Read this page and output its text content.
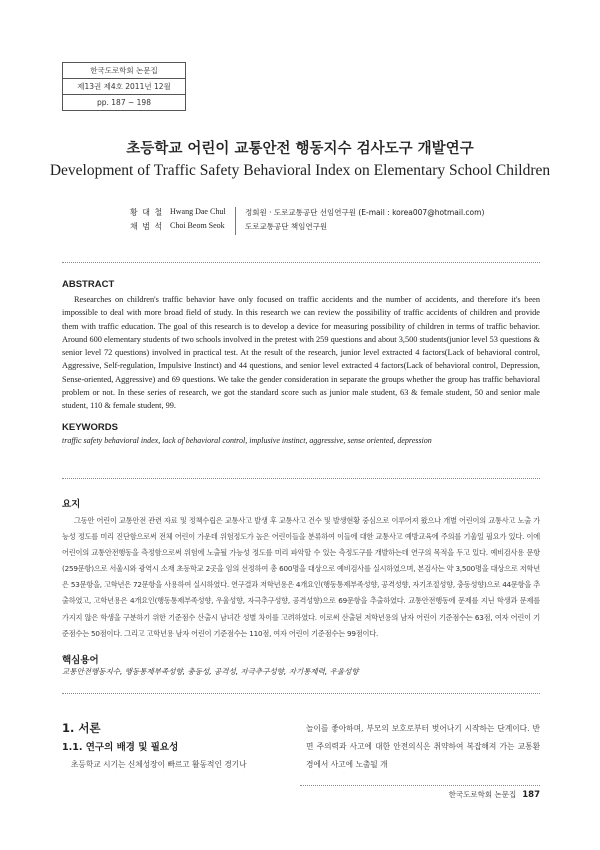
한국도로학회 논문집
제13권 제4호 2011년 12월
pp. 187 ~ 198
초등학교 어린이 교통안전 행동지수 검사도구 개발연구
Development of Traffic Safety Behavioral Index on Elementary School Children
황 대 철 Hwang Dae Chul	정회원 · 도로교통공단 선임연구원 (E-mail : korea007@hotmail.com)
채 범 석 Choi Beom Seok	도로교통공단 책임연구원
ABSTRACT

Researches on children's traffic behavior have only focused on traffic accidents and the number of accidents, and therefore it's been impossible to deal with more broad field of study. In this research we can review the possibility of traffic accidents of children and provide them with traffic education. The goal of this research is to develop a device for measuring possibility of children in terms of traffic behavior. Around 600 elementary students of two schools involved in the pretest with 259 questions and about 3,500 students(junior level 53 questions & senior level 72 questions) involved in practical test. At the result of the research, junior level extracted 4 factors(Lack of behavioral control, Aggressive, Self-regulation, Impulsive Instinct) and 44 questions, and senior level extracted 4 factors(Lack of behavioral control, Depression, Sense-oriented, Aggressive) and 69 questions. We take the gender consideration in separate the groups whether the group has traffic behavioral problem or not. In these series of research, we got the standard score such as junior male student, 63 & female student, 50 and senior male student, 110 & female student, 99.

KEYWORDS
traffic safety behavioral index, lack of behavioral control, implusive instinct, aggressive, sense oriented, depression
요지

그동안 어린이 교통안전 관련 자료 및 정책수립은 교통사고 발생 후 교통사고 건수 및 발생현황 중심으로 이루어져 왔으나 개별 어린이의 교통사고 노출 가능성 정도를 미리 진단함으로써 전체 어린이 가운데 위험정도가 높은 어린이들을 분류하여 이들에 대한 교통사고 예방교육에 주의를 기울일 필요가 있다. 이에 어린이의 교통안전행동을 측정함으로써 위험에 노출될 가능성 정도를 미리 파악할 수 있는 측정도구를 개발하는데 연구의 목적을 두고 있다. 예비검사용 문항(259문항)으로 서울시와 광역시 소재 초등학교 2곳을 임의 선정하여 총 600명을 대상으로 예비검사를 실시하였으며, 본검사는 약 3,500명을 대상으로 저학년은 53문항을, 고학년은 72문항을 사용하여 실시하였다. 연구결과 저학년용은 4개요인(행동통제부족성향, 공격성향, 자기조절성향, 충동성향)으로 44문항을 추출하였고, 고학년용은 4개요인(행동통제부족성향, 우울성향, 자극추구성향, 공격성향)으로 69문항을 추출하였다. 교통안전행동에 문제를 지닌 학생과 문제를 가지지 않은 학생을 구분하기 위한 기준점수 산출시 남녀간 성별 차이를 고려하였다. 이로써 산출된 저학년용의 남자 어린이 기준점수는 63점, 여자 어린이 기준점수는 50점이다. 그리고 고학년용 남자 어린이 기준점수는 110점, 여자 어린이 기준점수는 99점이다.

핵심용어
교통안전행동지수, 행동통제부족성향, 충동성, 공격성, 자극추구성향, 자기통제력, 우울성향
1. 서론
1.1. 연구의 배경 및 필요성

초등학교 시기는 신체성장이 빠르고 활동적인 경기나

놀이를 좋아하며, 부모의 보호로부터 벗어나기 시작하는 단계이다. 반면 주의력과 사고에 대한 안전의식은 취약하여 복잡해져 가는 교통환경에서 사고에 노출될 개

한국도로학회 논문집 187
